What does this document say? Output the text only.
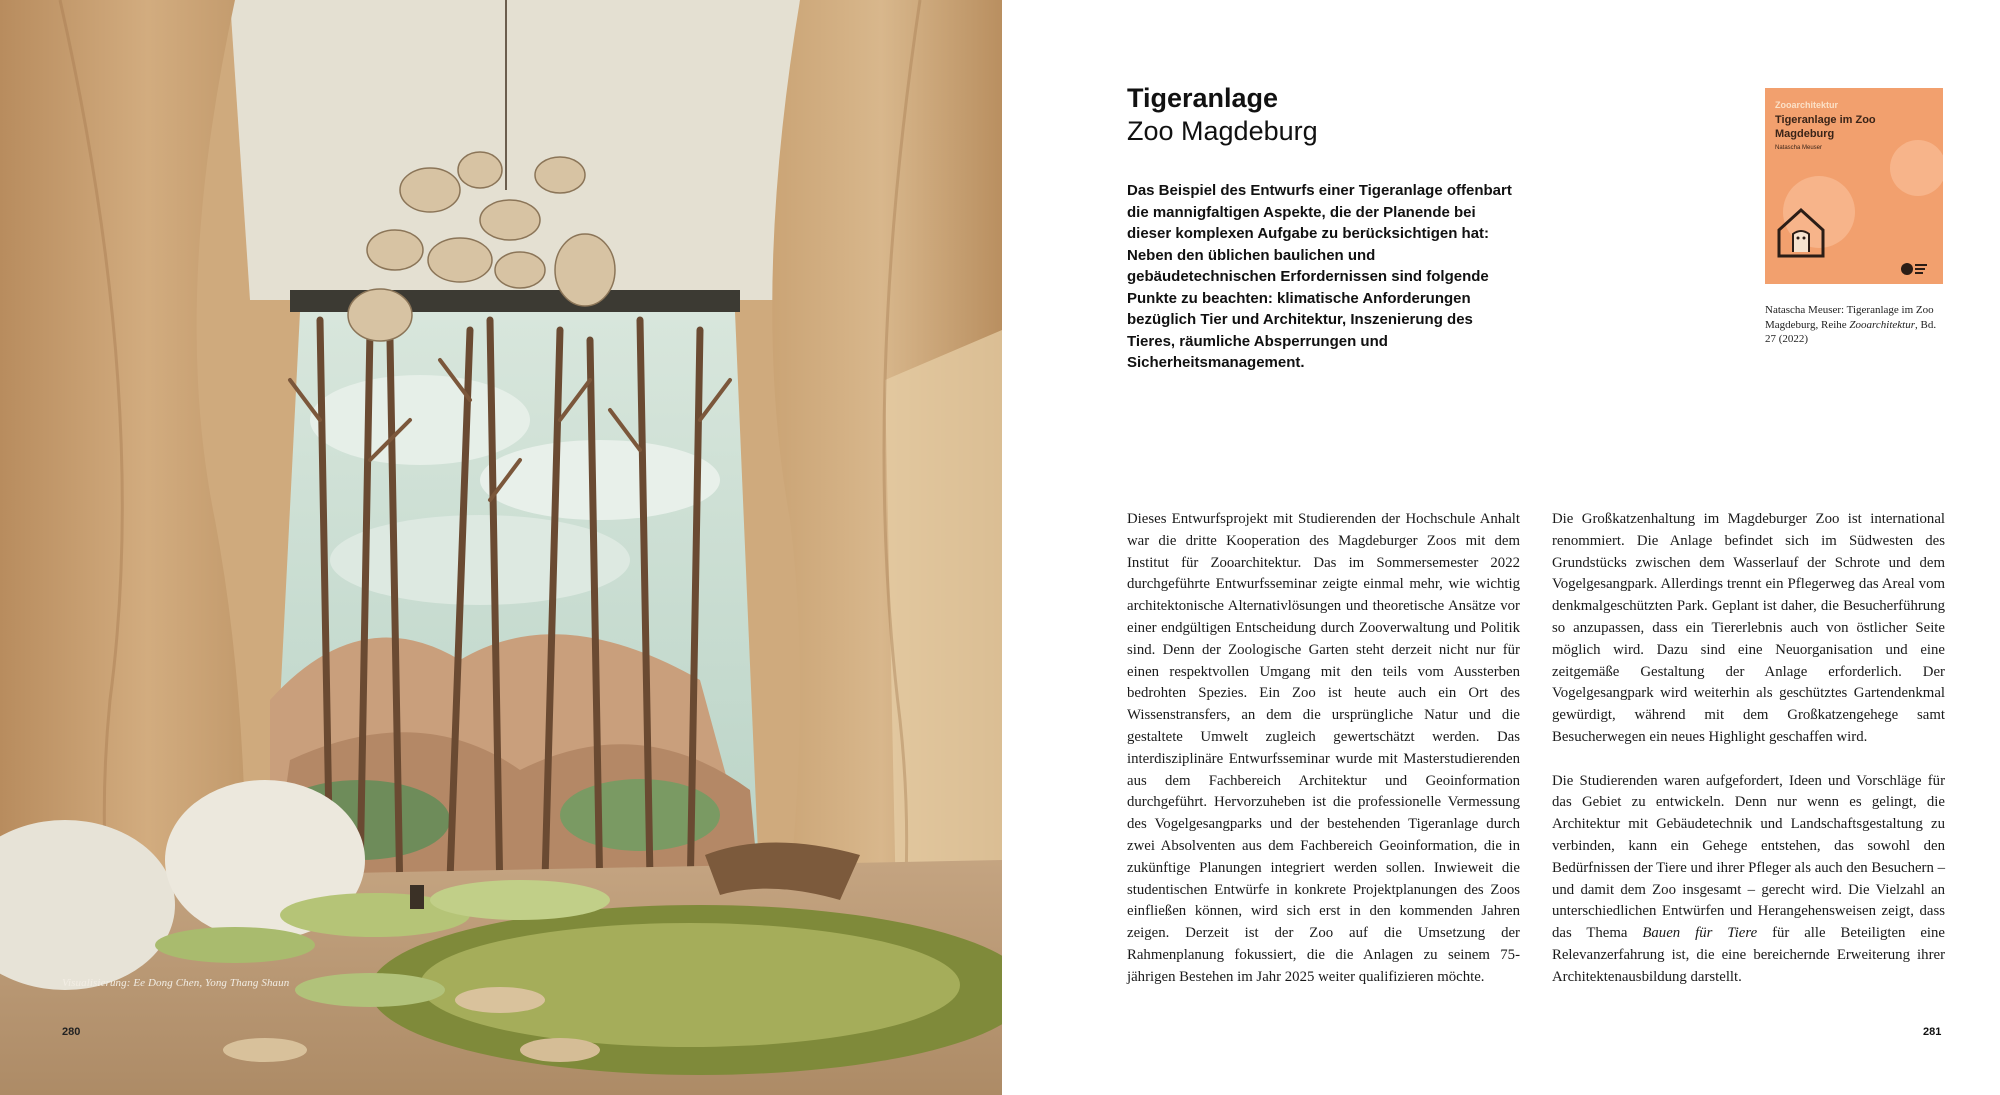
Visualisierung: Ee Dong Chen, Yong Thang Shaun
280
Tigeranlage
Zoo Magdeburg

Das Beispiel des Entwurfs einer Tigeranlage offenbart die mannigfaltigen Aspekte, die der Planende bei dieser komplexen Aufgabe zu berücksichtigen hat: Neben den üblichen baulichen und gebäudetechnischen Erfordernissen sind folgende Punkte zu beachten: klimatische Anforderungen bezüglich Tier und Architektur, Inszenierung des Tieres, räumliche Absperrungen und Sicherheitsmanagement.

Zooarchitektur
Tigeranlage im Zoo Magdeburg
Natascha Meuser

Natascha Meuser: Tigeranlage im Zoo Magdeburg, Reihe Zooarchitektur, Bd. 27 (2022)

Dieses Entwurfsprojekt mit Studierenden der Hochschule Anhalt war die dritte Kooperation des Magdeburger Zoos mit dem Institut für Zooarchitektur. Das im Sommersemester 2022 durchgeführte Entwurfsseminar zeigte einmal mehr, wie wichtig architektonische Alternativlösungen und theoretische Ansätze vor einer endgültigen Entscheidung durch Zooverwaltung und Politik sind. Denn der Zoologische Garten steht derzeit nicht nur für einen respektvollen Umgang mit den teils vom Aussterben bedrohten Spezies. Ein Zoo ist heute auch ein Ort des Wissenstransfers, an dem die ursprüngliche Natur und die gestaltete Umwelt zugleich gewertschätzt werden. Das interdisziplinäre Entwurfsseminar wurde mit Masterstudierenden aus dem Fachbereich Architektur und Geoinformation durchgeführt. Hervorzuheben ist die professionelle Vermessung des Vogelgesangparks und der bestehenden Tigeranlage durch zwei Absolventen aus dem Fachbereich Geoinformation, die in zukünftige Planungen integriert werden sollen. Inwieweit die studentischen Entwürfe in konkrete Projektplanungen des Zoos einfließen können, wird sich erst in den kommenden Jahren zeigen. Derzeit ist der Zoo auf die Umsetzung der Rahmenplanung fokussiert, die die Anlagen zu seinem 75-jährigen Bestehen im Jahr 2025 weiter qualifizieren möchte.

Die Großkatzenhaltung im Magdeburger Zoo ist international renommiert. Die Anlage befindet sich im Südwesten des Grundstücks zwischen dem Wasserlauf der Schrote und dem Vogelgesangpark. Allerdings trennt ein Pflegerweg das Areal vom denkmalgeschützten Park. Geplant ist daher, die Besucherführung so anzupassen, dass ein Tiererlebnis auch von östlicher Seite möglich wird. Dazu sind eine Neuorganisation und eine zeitgemäße Gestaltung der Anlage erforderlich. Der Vogelgesangpark wird weiterhin als geschütztes Gartendenkmal gewürdigt, während mit dem Großkatzengehege samt Besucherwegen ein neues Highlight geschaffen wird.

Die Studierenden waren aufgefordert, Ideen und Vorschläge für das Gebiet zu entwickeln. Denn nur wenn es gelingt, die Architektur mit Gebäudetechnik und Landschaftsgestaltung zu verbinden, kann ein Gehege entstehen, das sowohl den Bedürfnissen der Tiere und ihrer Pfleger als auch den Besuchern – und damit dem Zoo insgesamt – gerecht wird. Die Vielzahl an unterschiedlichen Entwürfen und Herangehensweisen zeigt, dass das Thema Bauen für Tiere für alle Beteiligten eine Relevanzerfahrung ist, die eine bereichernde Erweiterung ihrer Architektenausbildung darstellt.

281
